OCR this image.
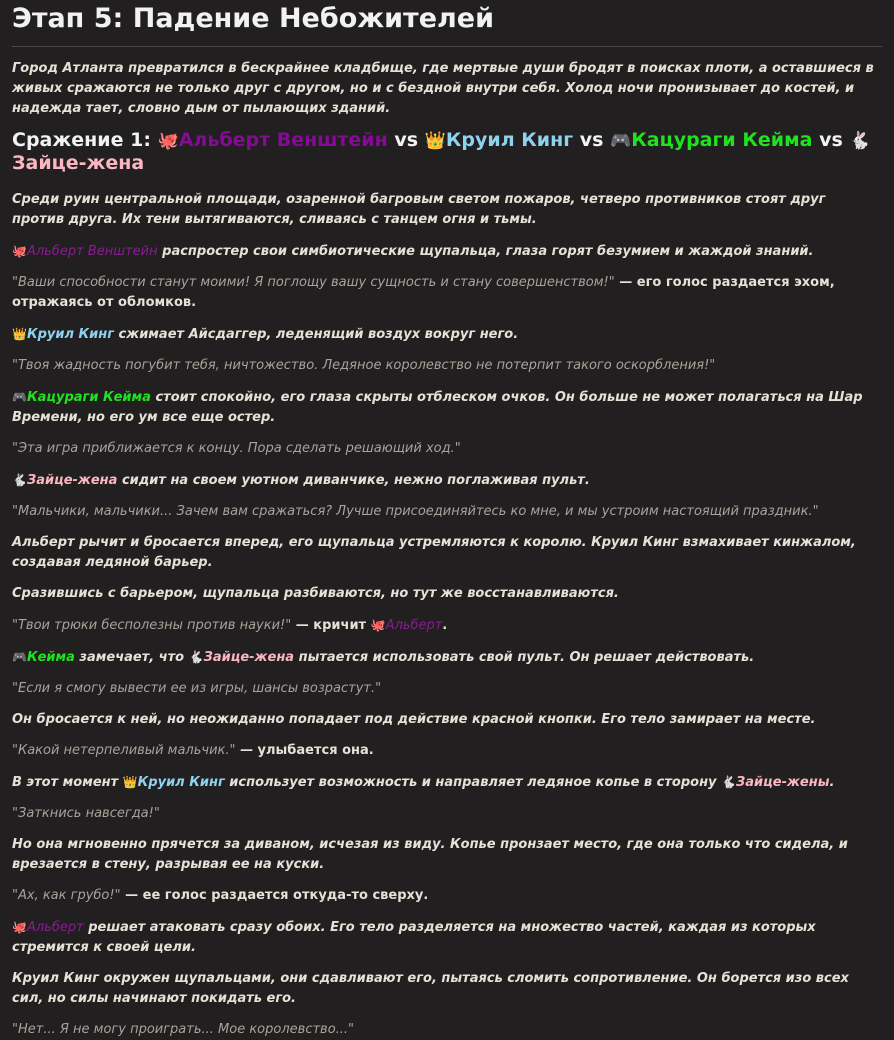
Этап 5: Падение Небожителей

Город Атланта превратился в бескрайнее кладбище, где мертвые души бродят в поисках плоти, а оставшиеся в живых сражаются не только друг с другом, но и с бездной внутри себя. Холод ночи пронизывает до костей, и надежда тает, словно дым от пылающих зданий.

Сражение 1: 🐙Альберт Венштейн vs 👑Круил Кинг vs 🎮Кацураги Кейма vs 🐇Зайце-жена

Среди руин центральной площади, озаренной багровым светом пожаров, четверо противников стоят друг против друга. Их тени вытягиваются, сливаясь с танцем огня и тьмы.

🐙Альберт Венштейн распростер свои симбиотические щупальца, глаза горят безумием и жаждой знаний.

"Ваши способности станут моими! Я поглощу вашу сущность и стану совершенством!" — его голос раздается эхом, отражаясь от обломков.

👑Круил Кинг сжимает Айсдаггер, леденящий воздух вокруг него.

"Твоя жадность погубит тебя, ничтожество. Ледяное королевство не потерпит такого оскорбления!"

🎮Кацураги Кейма стоит спокойно, его глаза скрыты отблеском очков. Он больше не может полагаться на Шар Времени, но его ум все еще остер.

"Эта игра приближается к концу. Пора сделать решающий ход."

🐇Зайце-жена сидит на своем уютном диванчике, нежно поглаживая пульт.

"Мальчики, мальчики... Зачем вам сражаться? Лучше присоединяйтесь ко мне, и мы устроим настоящий праздник."

Альберт рычит и бросается вперед, его щупальца устремляются к королю. Круил Кинг взмахивает кинжалом, создавая ледяной барьер.

Сразившись с барьером, щупальца разбиваются, но тут же восстанавливаются.

"Твои трюки бесполезны против науки!" — кричит 🐙Альберт.

🎮Кейма замечает, что 🐇Зайце-жена пытается использовать свой пульт. Он решает действовать.

"Если я смогу вывести ее из игры, шансы возрастут."

Он бросается к ней, но неожиданно попадает под действие красной кнопки. Его тело замирает на месте.

"Какой нетерпеливый мальчик." — улыбается она.

В этот момент 👑Круил Кинг использует возможность и направляет ледяное копье в сторону 🐇Зайце-жены.

"Заткнись навсегда!"

Но она мгновенно прячется за диваном, исчезая из виду. Копье пронзает место, где она только что сидела, и врезается в стену, разрывая ее на куски.

"Ах, как грубо!" — ее голос раздается откуда-то сверху.

🐙Альберт решает атаковать сразу обоих. Его тело разделяется на множество частей, каждая из которых стремится к своей цели.

Круил Кинг окружен щупальцами, они сдавливают его, пытаясь сломить сопротивление. Он борется изо всех сил, но силы начинают покидать его.

"Нет... Я не могу проиграть... Мое королевство..."
